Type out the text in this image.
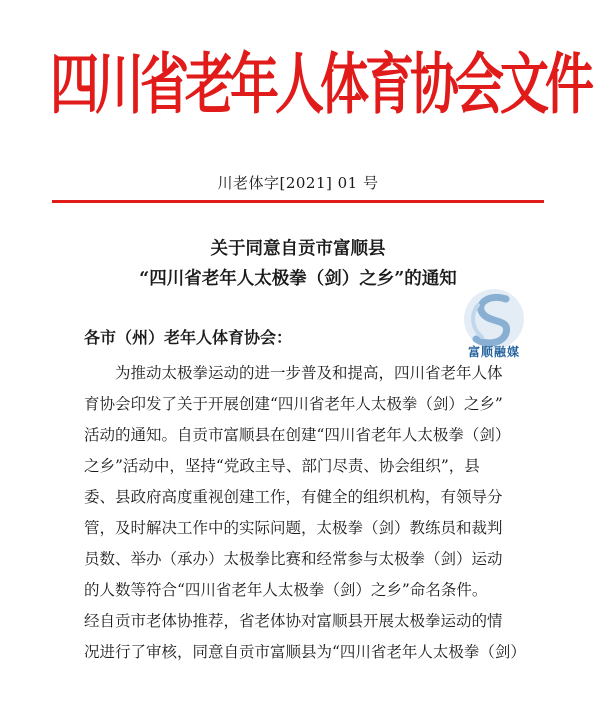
四川省老年人体育协会文件
川老体字[2021] 01 号
关于同意自贡市富顺县
“四川省老年人太极拳（剑）之乡”的通知
各市（州）老年人体育协会：
富顺融媒
　　为推动太极拳运动的进一步普及和提高，四川省老年人体
育协会印发了关于开展创建“四川省老年人太极拳（剑）之乡”
活动的通知。自贡市富顺县在创建“四川省老年人太极拳（剑）
之乡”活动中，坚持“党政主导、部门尽责、协会组织”，县
委、县政府高度重视创建工作，有健全的组织机构，有领导分
管，及时解决工作中的实际问题，太极拳（剑）教练员和裁判
员数、举办（承办）太极拳比赛和经常参与太极拳（剑）运动
的人数等符合“四川省老年人太极拳（剑）之乡”命名条件。
经自贡市老体协推荐，省老体协对富顺县开展太极拳运动的情
况进行了审核，同意自贡市富顺县为“四川省老年人太极拳（剑）
